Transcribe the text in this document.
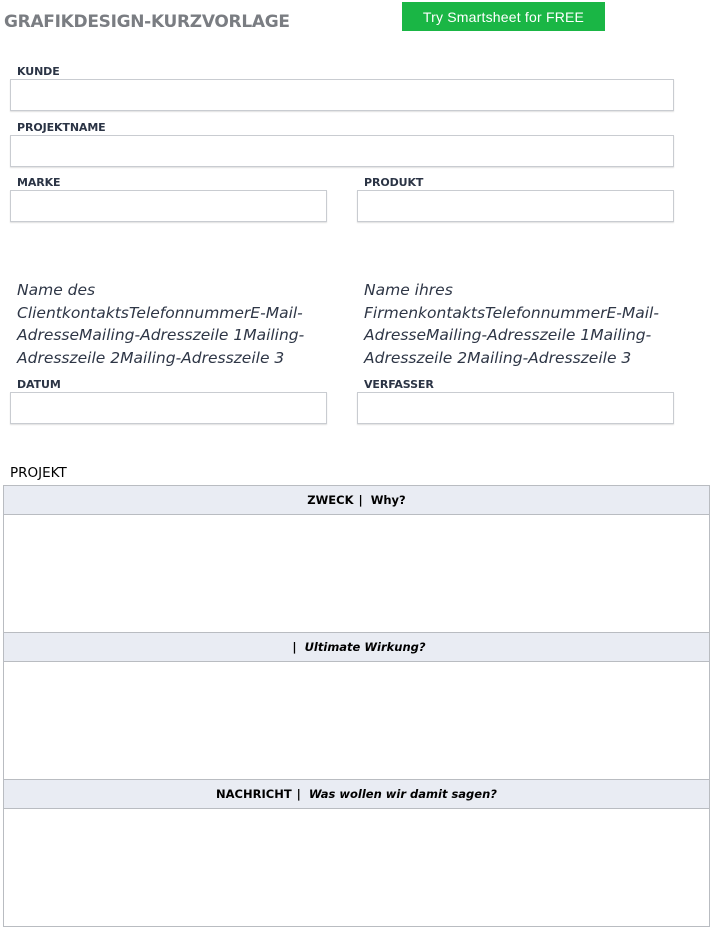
GRAFIKDESIGN-KURZVORLAGE	Try Smartsheet for FREE
KUNDE
PROJEKTNAME
MARKE	PRODUKT
Name des ClientkontaktsTelefonnummerE-Mail-AdresseMailing-Adresszeile 1Mailing-Adresszeile 2Mailing-Adresszeile 3
Name ihres FirmenkontaktsTelefonnummerE-Mail-AdresseMailing-Adresszeile 1Mailing-Adresszeile 2Mailing-Adresszeile 3
DATUM	VERFASSER
PROJEKT
ZWECK | Why?
| Ultimate Wirkung?
NACHRICHT | Was wollen wir damit sagen?
